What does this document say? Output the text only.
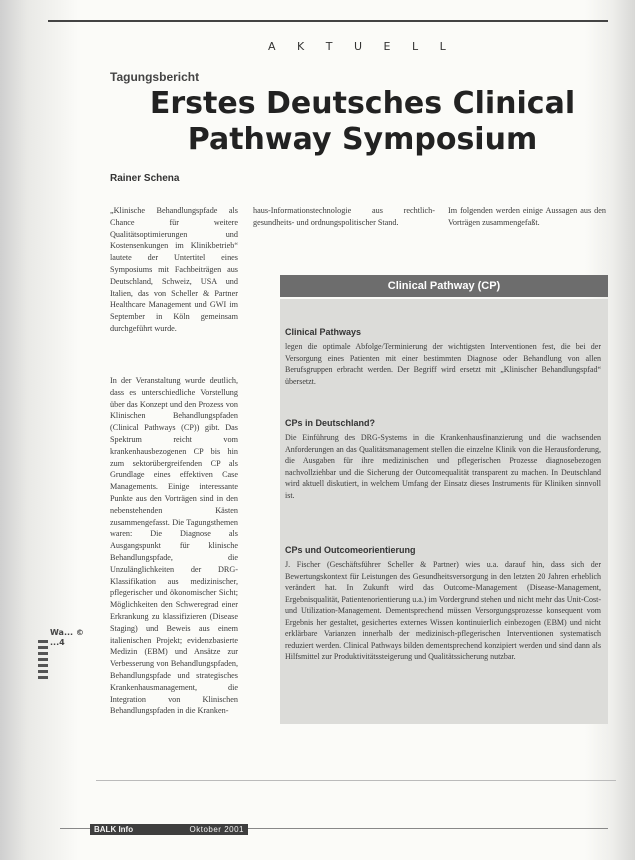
A K T U E L L
Tagungsbericht
Erstes Deutsches Clinical Pathway Symposium
Rainer Schena

„Klinische Behandlungspfade als Chance für weitere Qualitätsoptimierungen und Kostensenkungen im Klinikbetrieb“ lautete der Untertitel eines Symposiums mit Fachbeiträgen aus Deutschland, Schweiz, USA und Italien, das von Scheller & Partner Healthcare Management und GWI im September in Köln gemeinsam durchgeführt wurde.

In der Veranstaltung wurde deutlich, dass es unterschiedliche Vorstellung über das Konzept und den Prozess von Klinischen Behandlungspfaden (Clinical Pathways (CP)) gibt. Das Spektrum reicht vom krankenhausbezogenen CP bis hin zum sektorübergreifenden CP als Grundlage eines effektiven Case Managements. Einige interessante Punkte aus den Vorträgen sind in den nebenstehenden Kästen zusammengefasst. Die Tagungsthemen waren: Die Diagnose als Ausgangspunkt für klinische Behandlungspfade, die Unzulänglichkeiten der DRG-Klassifikation aus medizinischer, pflegerischer und ökonomischer Sicht; Möglichkeiten den Schweregrad einer Erkrankung zu klassifizieren (Disease Staging) und Beweis aus einem italienischen Projekt; evidenzbasierte Medizin (EBM) und Ansätze zur Verbesserung von Behandlungspfaden, Behandlungspfade und strategisches Krankenhausmanagement, die Integration von Klinischen Behandlungspfaden in die Kranken-

haus-Informationstechnologie aus rechtlich-gesundheits- und ordnungspolitischer Stand.

Im folgenden werden einige Aussagen aus den Vorträgen zusammengefaßt.

Clinical Pathway (CP)

Clinical Pathways

legen die optimale Abfolge/Terminierung der wichtigsten Interventionen fest, die bei der Versorgung eines Patienten mit einer bestimmten Diagnose oder Behandlung von allen Berufsgruppen erbracht werden. Der Begriff wird ersetzt mit „Klinischer Behandlungspfad“ übersetzt.

CPs in Deutschland?

Die Einführung des DRG-Systems in die Krankenhausfinanzierung und die wachsenden Anforderungen an das Qualitätsmanagement stellen die einzelne Klinik von die Herausforderung, die Ausgaben für ihre medizinischen und pflegerischen Prozesse diagnosebezogen nachvollziehbar und die Sicherung der Outcomequalität transparent zu machen. In Deutschland wird aktuell diskutiert, in welchem Umfang der Einsatz dieses Instruments für Kliniken sinnvoll ist.

CPs und Outcomeorientierung

J. Fischer (Geschäftsführer Scheller & Partner) wies u.a. darauf hin, dass sich der Bewertungskontext für Leistungen des Gesundheitsversorgung in den letzten 20 Jahren erheblich verändert hat. In Zukunft wird das Outcome-Management (Disease-Management, Ergebnisqualität, Patientenorientierung u.a.) im Vordergrund stehen und nicht mehr das Unit-Cost- und Utilization-Management. Dementsprechend müssen Versorgungsprozesse konsequent vom Ergebnis her gestaltet, gesichertes externes Wissen kontinuierlich einbezogen (EBM) und nicht erklärbare Varianzen innerhalb der medizinisch-pflegerischen Interventionen systematisch reduziert werden. Clinical Pathways bilden dementsprechend konzipiert werden und sind dann als Hilfsmittel zur Produktivitätssteigerung und Qualitätssicherung nutzbar.

Wa... © ...4
BALK Info	Oktober 2001
